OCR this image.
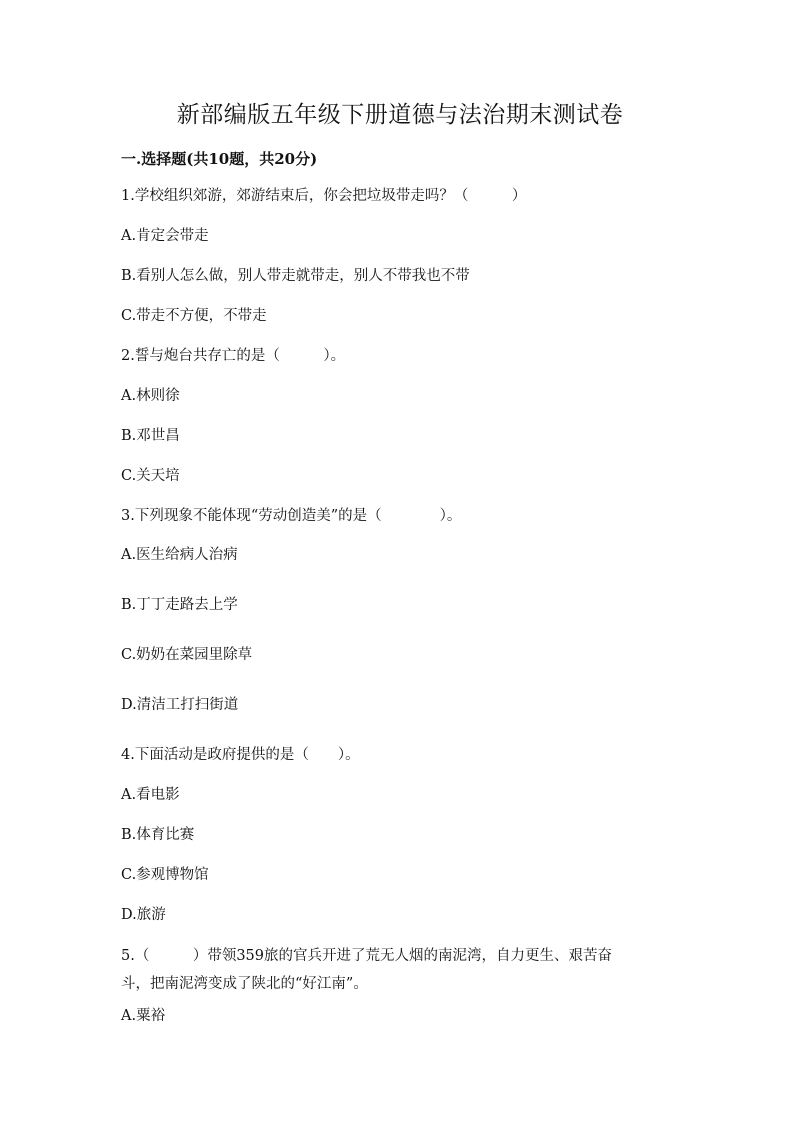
新部编版五年级下册道德与法治期末测试卷
一.选择题(共10题，共20分)
1.学校组织郊游，郊游结束后，你会把垃圾带走吗？（　　　）
A.肯定会带走
B.看别人怎么做，别人带走就带走，别人不带我也不带
C.带走不方便，不带走
2.誓与炮台共存亡的是（　　　）。
A.林则徐
B.邓世昌
C.关天培
3.下列现象不能体现“劳动创造美”的是（　　　　）。
A.医生给病人治病
B.丁丁走路去上学
C.奶奶在菜园里除草
D.清洁工打扫街道
4.下面活动是政府提供的是（　　）。
A.看电影
B.体育比赛
C.参观博物馆
D.旅游
5.（　　　）带领359旅的官兵开进了荒无人烟的南泥湾，自力更生、艰苦奋
斗，把南泥湾变成了陕北的“好江南”。
A.粟裕
